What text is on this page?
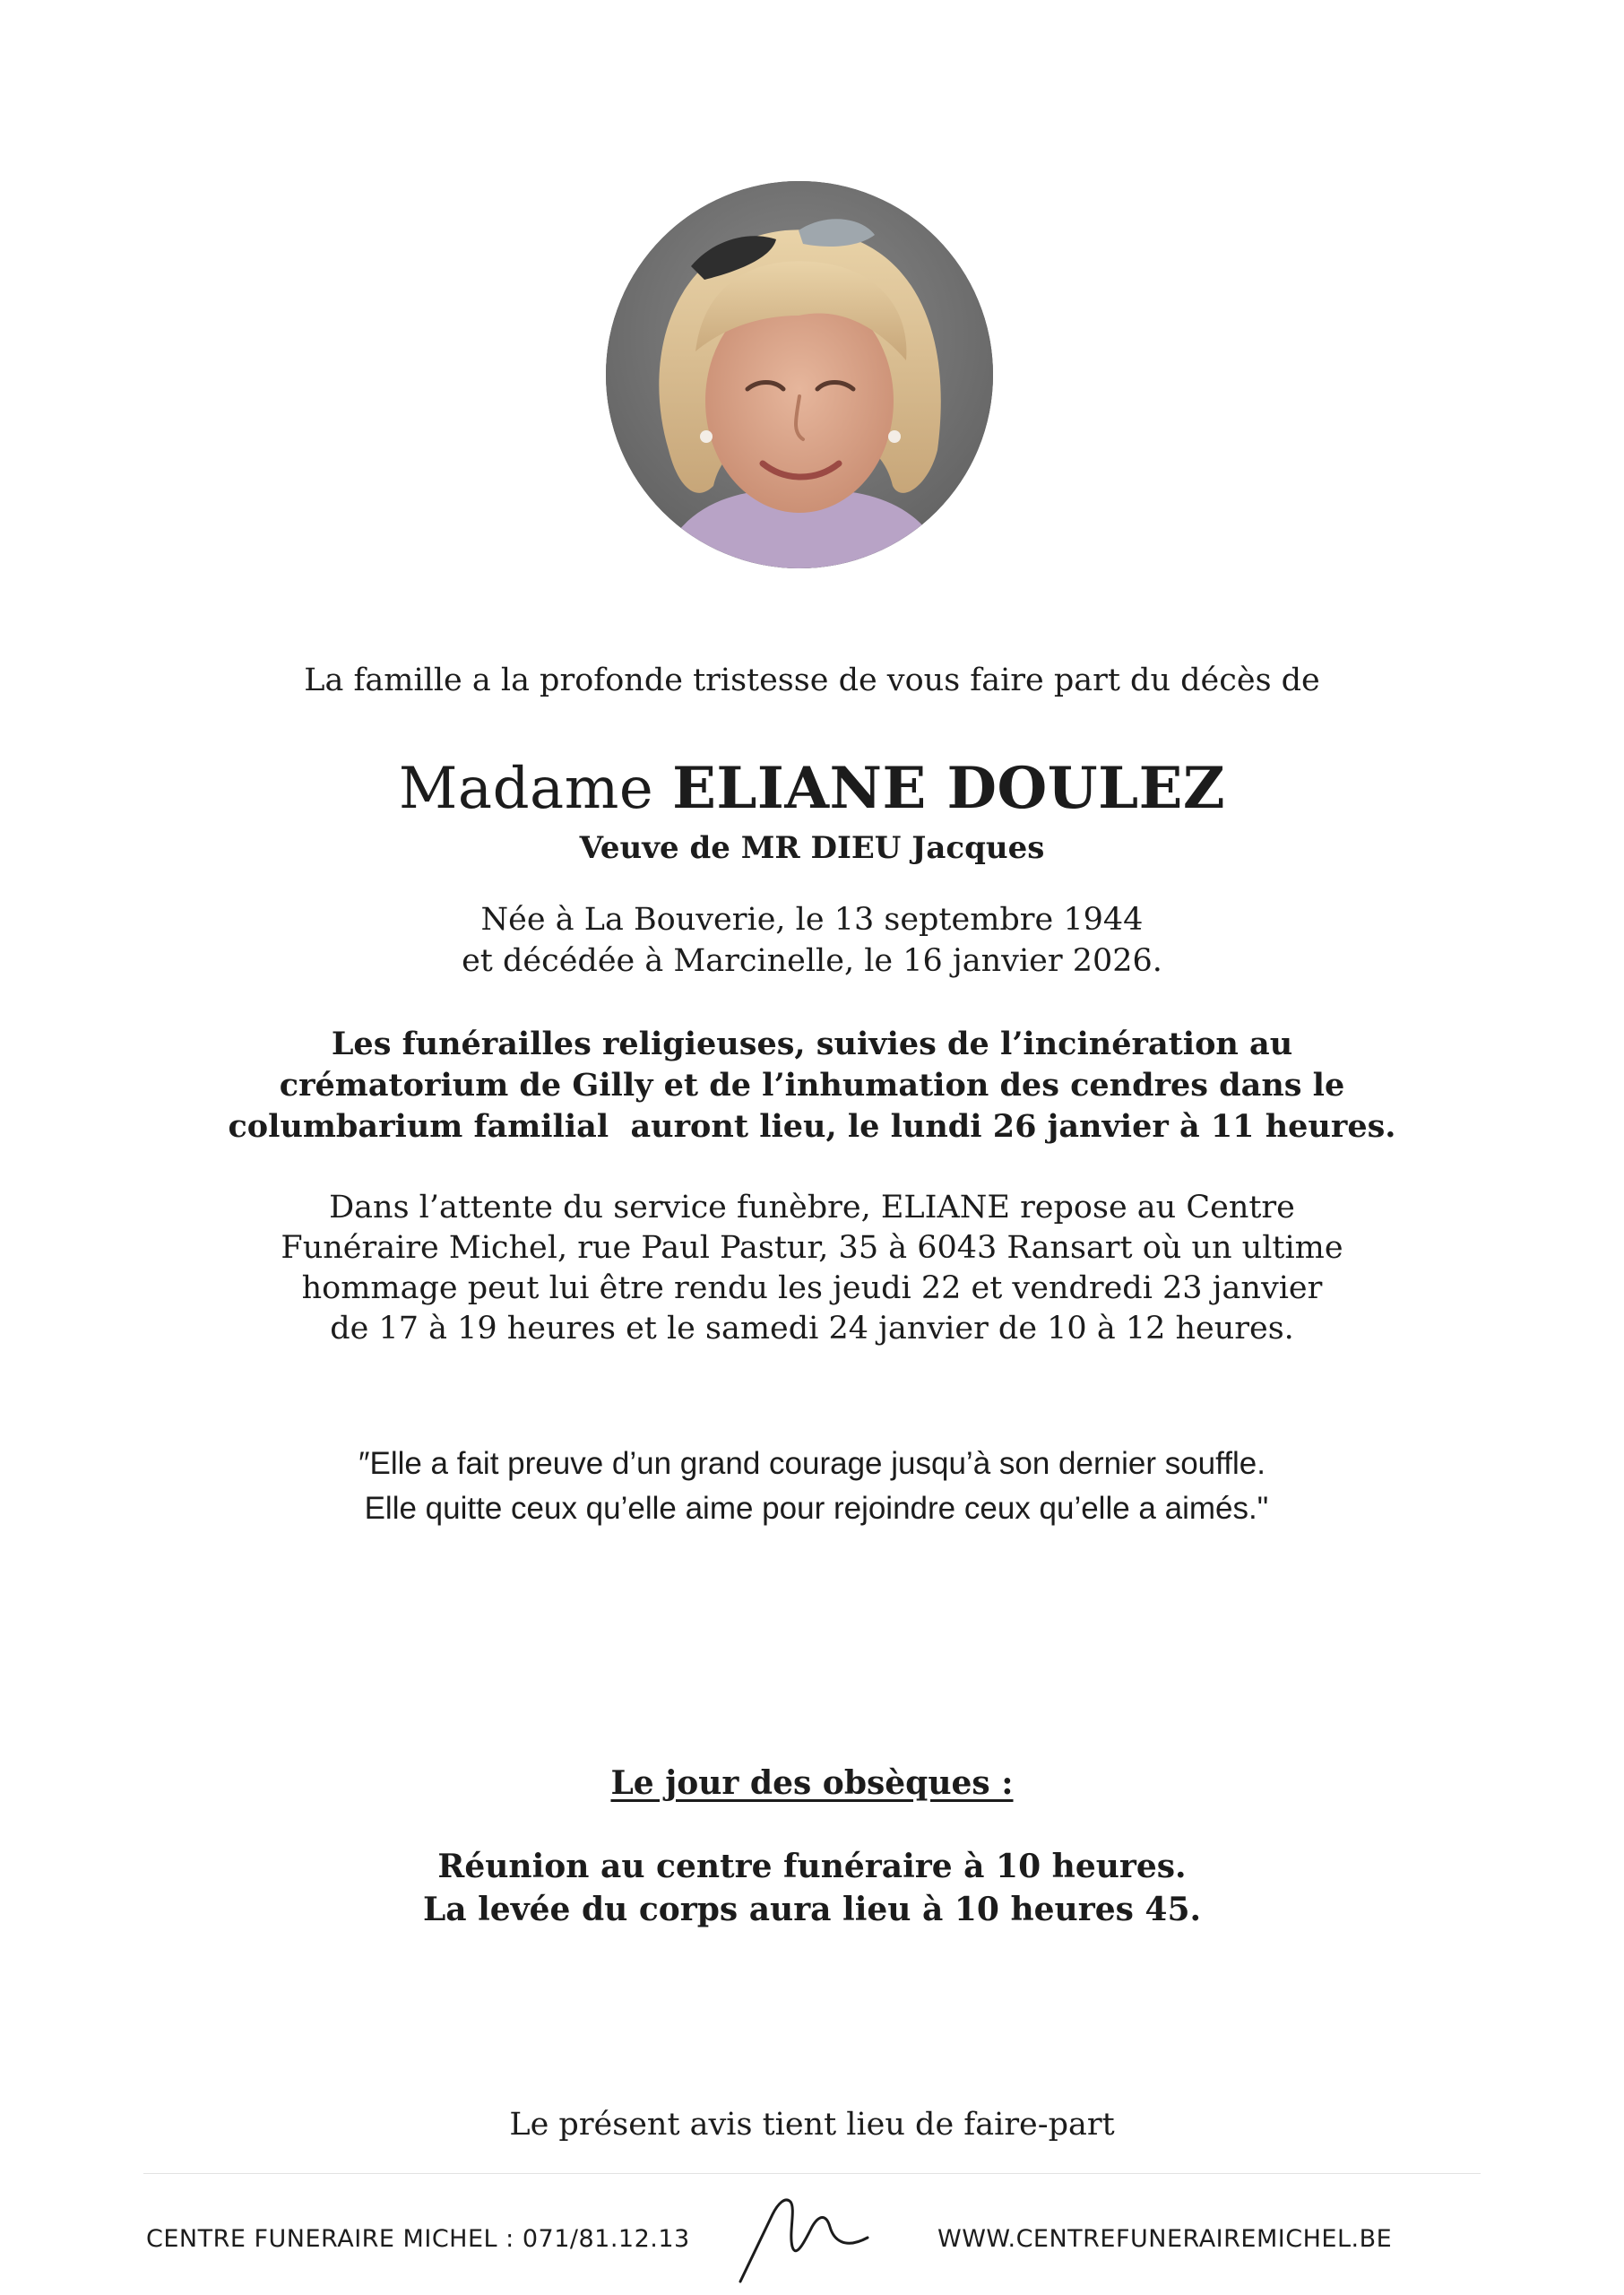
La famille a la profonde tristesse de vous faire part du décès de
Madame ELIANE DOULEZ
Veuve de MR DIEU Jacques
Née à La Bouverie, le 13 septembre 1944
et décédée à Marcinelle, le 16 janvier 2026.
Les funérailles religieuses, suivies de l’incinération au
crématorium de Gilly et de l’inhumation des cendres dans le
columbarium familial  auront lieu, le lundi 26 janvier à 11 heures.
Dans l’attente du service funèbre, ELIANE repose au Centre
Funéraire Michel, rue Paul Pastur, 35 à 6043 Ransart où un ultime
hommage peut lui être rendu les jeudi 22 et vendredi 23 janvier
de 17 à 19 heures et le samedi 24 janvier de 10 à 12 heures.
″Elle a fait preuve d’un grand courage jusqu’à son dernier souffle.
Elle quitte ceux qu’elle aime pour rejoindre ceux qu’elle a aimés."
Le jour des obsèques :
Réunion au centre funéraire à 10 heures.
La levée du corps aura lieu à 10 heures 45.
Le présent avis tient lieu de faire-part
CENTRE FUNERAIRE MICHEL : 071/81.12.13	WWW.CENTREFUNERAIREMICHEL.BE
